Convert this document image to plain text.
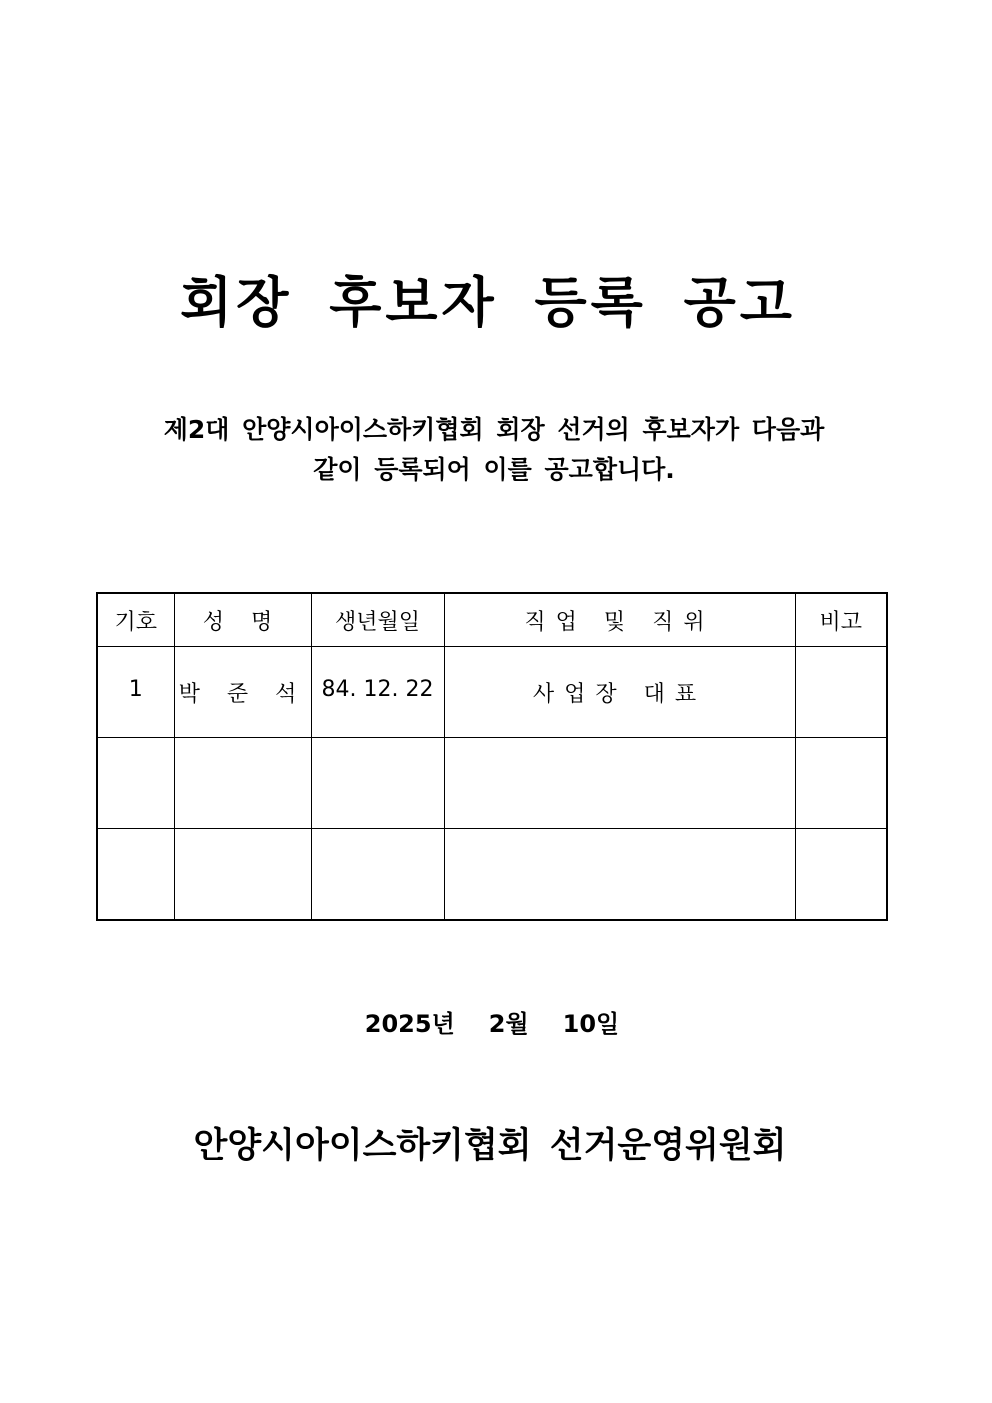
회장 후보자 등록 공고
제2대 안양시아이스하키협회 회장 선거의 후보자가 다음과
같이 등록되어 이를 공고합니다.
기호	성 명	생년월일	직업 및 직위	비고
1	박 준 석	84. 12. 22	사업장 대표	

2025년 2월 10일
안양시아이스하키협회 선거운영위원회
